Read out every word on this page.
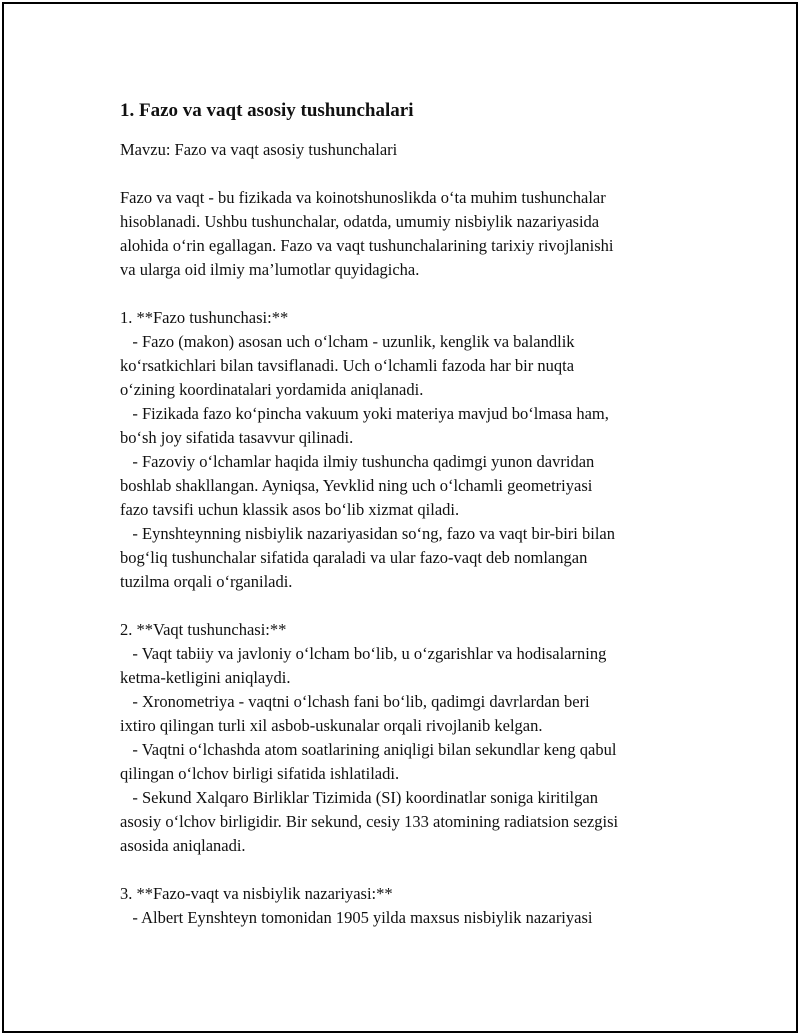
1. Fazo va vaqt asosiy tushunchalari
Mavzu: Fazo va vaqt asosiy tushunchalari
Fazo va vaqt - bu fizikada va koinotshunoslikda o‘ta muhim tushunchalar
hisoblanadi. Ushbu tushunchalar, odatda, umumiy nisbiylik nazariyasida
alohida o‘rin egallagan. Fazo va vaqt tushunchalarining tarixiy rivojlanishi
va ularga oid ilmiy ma’lumotlar quyidagicha.
1. **Fazo tushunchasi:**
- Fazo (makon) asosan uch o‘lcham - uzunlik, kenglik va balandlik
ko‘rsatkichlari bilan tavsiflanadi. Uch o‘lchamli fazoda har bir nuqta
o‘zining koordinatalari yordamida aniqlanadi.
- Fizikada fazo ko‘pincha vakuum yoki materiya mavjud bo‘lmasa ham,
bo‘sh joy sifatida tasavvur qilinadi.
- Fazoviy o‘lchamlar haqida ilmiy tushuncha qadimgi yunon davridan
boshlab shakllangan. Ayniqsa, Yevklid ning uch o‘lchamli geometriyasi
fazo tavsifi uchun klassik asos bo‘lib xizmat qiladi.
- Eynshteynning nisbiylik nazariyasidan so‘ng, fazo va vaqt bir-biri bilan
bog‘liq tushunchalar sifatida qaraladi va ular fazo-vaqt deb nomlangan
tuzilma orqali o‘rganiladi.
2. **Vaqt tushunchasi:**
- Vaqt tabiiy va javloniy o‘lcham bo‘lib, u o‘zgarishlar va hodisalarning
ketma-ketligini aniqlaydi.
- Xronometriya - vaqtni o‘lchash fani bo‘lib, qadimgi davrlardan beri
ixtiro qilingan turli xil asbob-uskunalar orqali rivojlanib kelgan.
- Vaqtni o‘lchashda atom soatlarining aniqligi bilan sekundlar keng qabul
qilingan o‘lchov birligi sifatida ishlatiladi.
- Sekund Xalqaro Birliklar Tizimida (SI) koordinatlar soniga kiritilgan
asosiy o‘lchov birligidir. Bir sekund, cesiy 133 atomining radiatsion sezgisi
asosida aniqlanadi.
3. **Fazo-vaqt va nisbiylik nazariyasi:**
- Albert Eynshteyn tomonidan 1905 yilda maxsus nisbiylik nazariyasi
